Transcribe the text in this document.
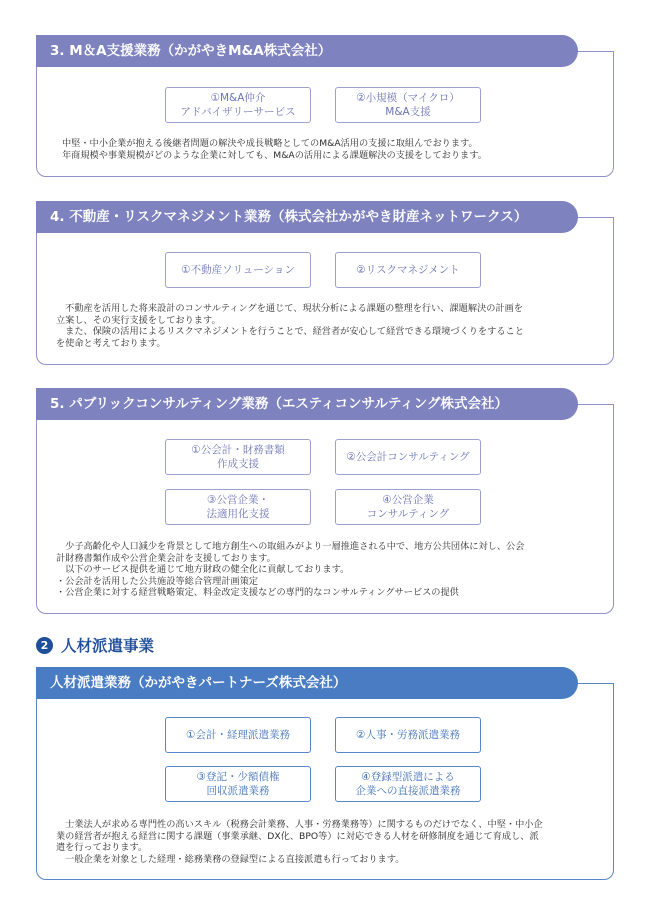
3. M＆A支援業務（かがやきM&A株式会社）
①M&A仲介
アドバイザリーサービス
②小規模（マイクロ）
M&A支援
中堅・中小企業が抱える後継者問題の解決や成長戦略としてのM&A活用の支援に取組んでおります。
年商規模や事業規模がどのような企業に対しても、M&Aの活用による課題解決の支援をしております。
4. 不動産・リスクマネジメント業務（株式会社かがやき財産ネットワークス）
①不動産ソリューション	②リスクマネジメント
　不動産を活用した将来設計のコンサルティングを通じて、現状分析による課題の整理を行い、課題解決の計画を
立案し、その実行支援をしております。
　また、保険の活用によるリスクマネジメントを行うことで、経営者が安心して経営できる環境づくりをすること
を使命と考えております。
5. パブリックコンサルティング業務（エスティコンサルティング株式会社）
①公会計・財務書類
作成支援
②公会計コンサルティング
③公営企業・
法適用化支援
④公営企業
コンサルティング
　少子高齢化や人口減少を背景として地方創生への取組みがより一層推進される中で、地方公共団体に対し、公会
計財務書類作成や公営企業会計を支援しております。
　以下のサービス提供を通じて地方財政の健全化に貢献しております。
・公会計を活用した公共施設等総合管理計画策定
・公営企業に対する経営戦略策定、料金改定支援などの専門的なコンサルティングサービスの提供
2 人材派遣事業
人材派遣業務（かがやきパートナーズ株式会社）
①会計・経理派遣業務	②人事・労務派遣業務
③登記・少額債権
回収派遣業務
④登録型派遣による
企業への直接派遣業務
　士業法人が求める専門性の高いスキル（税務会計業務、人事・労務業務等）に関するものだけでなく、中堅・中小企
業の経営者が抱える経営に関する課題（事業承継、DX化、BPO等）に対応できる人材を研修制度を通じて育成し、派
遣を行っております。
　一般企業を対象とした経理・総務業務の登録型による直接派遣も行っております。
